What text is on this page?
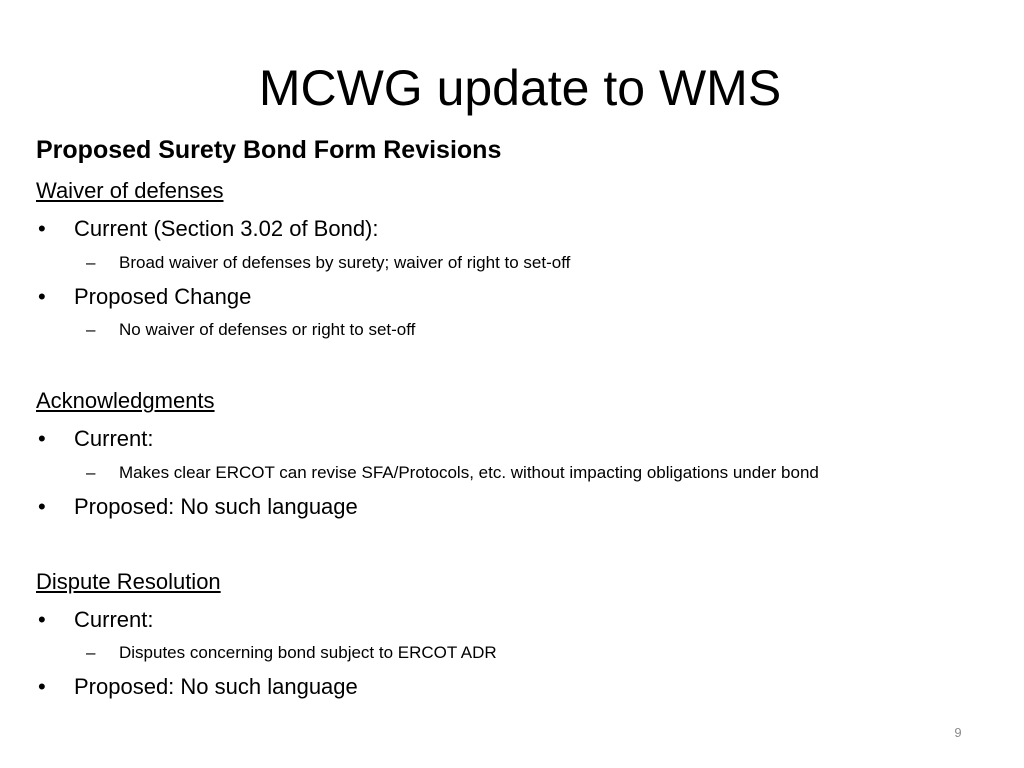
MCWG update to WMS
Proposed Surety Bond Form Revisions
Waiver of defenses
• Current (Section 3.02 of Bond):
– Broad waiver of defenses by surety; waiver of right to set-off
• Proposed Change
– No waiver of defenses or right to set-off
Acknowledgments
• Current:
– Makes clear ERCOT can revise SFA/Protocols, etc. without impacting obligations under bond
• Proposed: No such language
Dispute Resolution
• Current:
– Disputes concerning bond subject to ERCOT ADR
• Proposed: No such language
9
